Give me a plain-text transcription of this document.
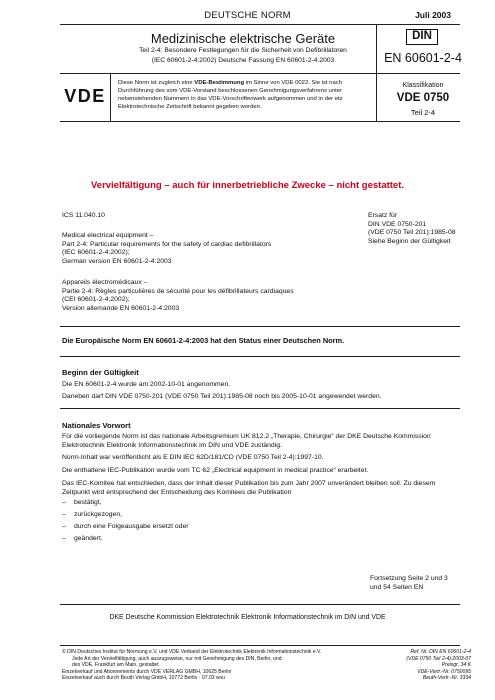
DEUTSCHE NORM	Juli 2003
Medizinische elektrische Geräte
Teil 2-4: Besondere Festlegungen für die Sicherheit von Defibrillatoren
(IEC 60601-2-4:2002) Deutsche Fassung EN 60601-2-4:2003
DIN
EN 60601-2-4
VDE
Diese Norm ist zugleich eine VDE-Bestimmung im Sinne von VDE 0022. Sie ist nach Durchführung des vom VDE-Vorstand beschlossenen Genehmigungsverfahrens unter nebenstehenden Nummern in das VDE-Vorschriftenwerk aufgenommen und in der etz Elektrotechnische Zeitschrift bekannt gegeben worden.
Klassifikation
VDE 0750
Teil 2-4
Vervielfältigung – auch für innerbetriebliche Zwecke – nicht gestattet.
ICS 11.040.10	Ersatz für
DIN VDE 0750-201
(VDE 0750 Teil 201):1985-08
Siehe Beginn der Gültigkeit
Medical electrical equipment –
Part 2-4: Particular requirements for the safety of cardiac defibrillators
(IEC 60601-2-4:2002);
German version EN 60601-2-4:2003
Appareils électromédicaux –
Partie 2-4: Règles particulières de sécurité pour les défibrillateurs cardiaques
(CEI 60601-2-4:2002);
Version allemande EN 60601-2-4:2003
Die Europäische Norm EN 60601-2-4:2003 hat den Status einer Deutschen Norm.
Beginn der Gültigkeit
Die EN 60601-2-4 wurde am 2002-10-01 angenommen.
Daneben darf DIN VDE 0750-201 (VDE 0750 Teil 201):1985-08 noch bis 2005-10-01 angewendet werden.
Nationales Vorwort
Für die vorliegende Norm ist das nationale Arbeitsgremium UK 812.2 „Therapie, Chirurgie“ der DKE Deutsche Kommission Elektrotechnik Elektronik Informationstechnik im DIN und VDE zuständig.
Norm-Inhalt war veröffentlicht als E DIN IEC 62D/181/CD (VDE 0750 Teil 2-4):1997-10.
Die enthaltene IEC-Publikation wurde vom TC 62 „Electrical equipment in medical practice“ erarbeitet.
Das IEC-Komitee hat entschieden, dass der Inhalt dieser Publikation bis zum Jahr 2007 unverändert bleiben soll. Zu diesem Zeitpunkt wird entsprechend der Entscheidung des Komitees die Publikation
– bestätigt,
– zurückgezogen,
– durch eine Folgeausgabe ersetzt oder
– geändert.
Fortsetzung Seite 2 und 3
und 54 Seiten EN
DKE Deutsche Kommission Elektrotechnik Elektronik Informationstechnik im DIN und VDE
© DIN Deutsches Institut für Normung e.V. und VDE Verband der Elektrotechnik Elektronik Informationstechnik e.V.
Jede Art der Vervielfältigung, auch auszugsweise, nur mit Genehmigung des DIN, Berlin, und
des VDE, Frankfurt am Main, gestattet
Einzelverkauf und Abonnements durch VDE VERLAG GMBH, 10625 Berlin
Einzelverkauf auch durch Beuth Verlag GmbH, 10772 Berlin · 07.03 wvu
Ref. Nr. DIN EN 60601-2-4
(VDE 0750 Teil 2-4):2003-07
Preisgr. 34 K
VDE-Vertr.-Nr. 0750095
Beuth-Vertr.-Nr. 3334
